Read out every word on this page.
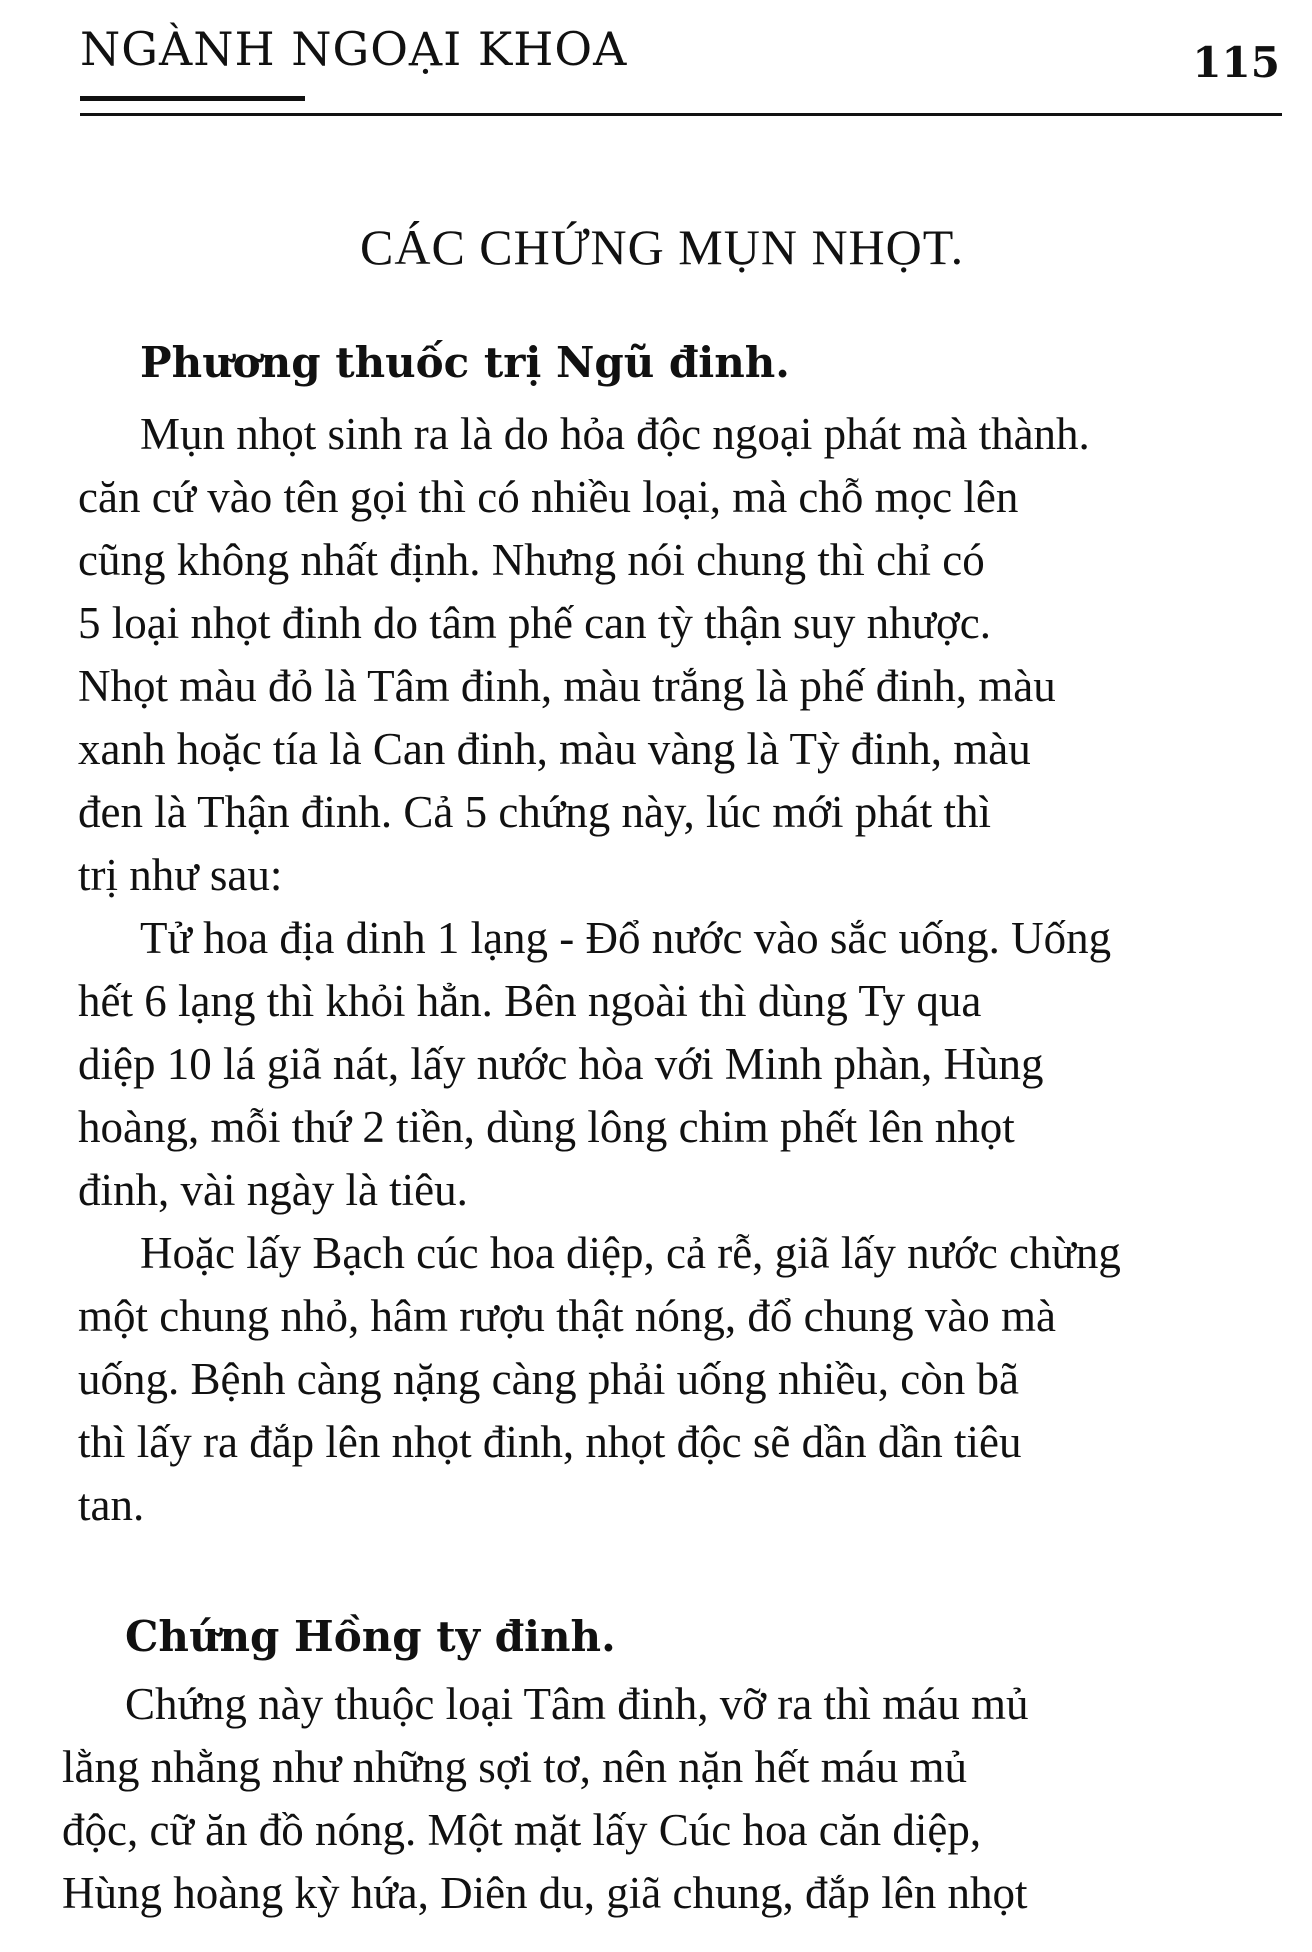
NGÀNH NGOẠI KHOA	115
CÁC CHỨNG MỤN NHỌT.
Phương thuốc trị Ngũ đinh.
Mụn nhọt sinh ra là do hỏa độc ngoại phát mà thành.
căn cứ vào tên gọi thì có nhiều loại, mà chỗ mọc lên
cũng không nhất định. Nhưng nói chung thì chỉ có
5 loại nhọt đinh do tâm phế can tỳ thận suy nhược.
Nhọt màu đỏ là Tâm đinh, màu trắng là phế đinh, màu
xanh hoặc tía là Can đinh, màu vàng là Tỳ đinh, màu
đen là Thận đinh. Cả 5 chứng này, lúc mới phát thì
trị như sau:
Tử hoa địa dinh 1 lạng - Đổ nước vào sắc uống. Uống
hết 6 lạng thì khỏi hẳn. Bên ngoài thì dùng Ty qua
diệp 10 lá giã nát, lấy nước hòa với Minh phàn, Hùng
hoàng, mỗi thứ 2 tiền, dùng lông chim phết lên nhọt
đinh, vài ngày là tiêu.
Hoặc lấy Bạch cúc hoa diệp, cả rễ, giã lấy nước chừng
một chung nhỏ, hâm rượu thật nóng, đổ chung vào mà
uống. Bệnh càng nặng càng phải uống nhiều, còn bã
thì lấy ra đắp lên nhọt đinh, nhọt độc sẽ dần dần tiêu
tan.
Chứng Hồng ty đinh.
Chứng này thuộc loại Tâm đinh, vỡ ra thì máu mủ
lằng nhằng như những sợi tơ, nên nặn hết máu mủ
độc, cữ ăn đồ nóng. Một mặt lấy Cúc hoa căn diệp,
Hùng hoàng kỳ hứa, Diên du, giã chung, đắp lên nhọt
